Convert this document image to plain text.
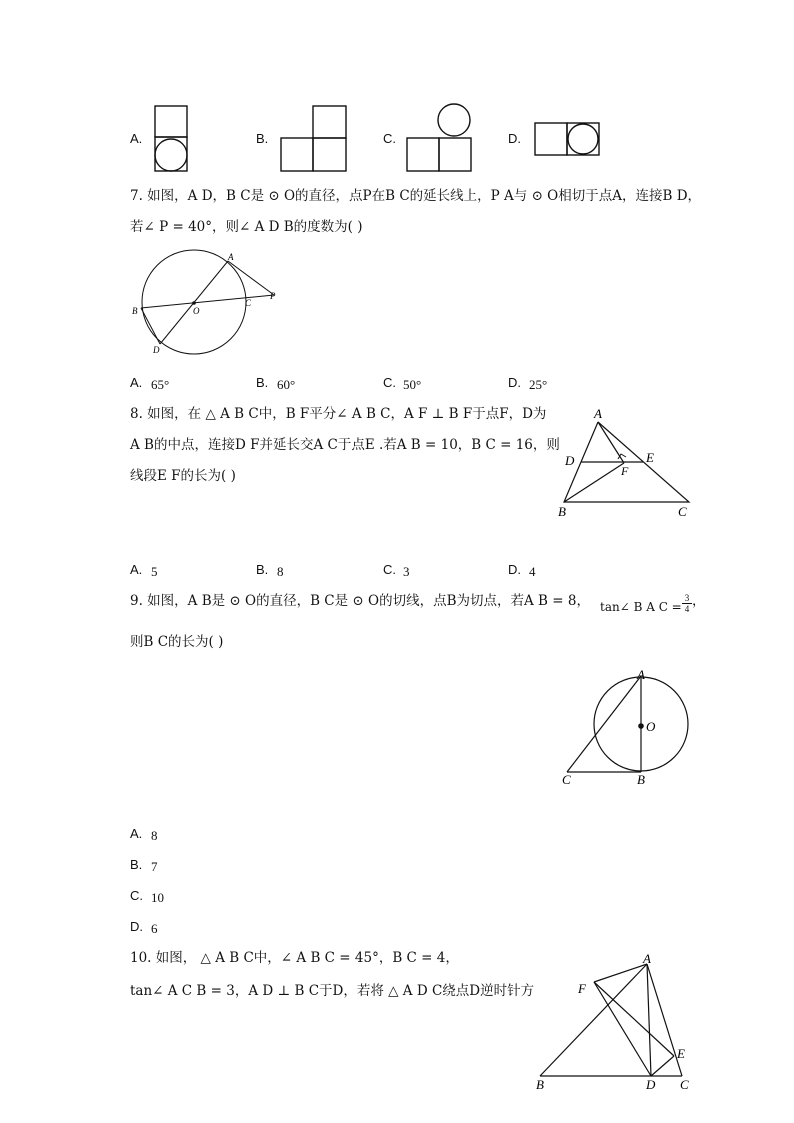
A.	B.	C.	D.
7. 如图，A D，B C是 ⊙ O的直径，点P在B C的延长线上，P A与 ⊙ O相切于点A，连接B D，
若∠ P = 40°，则∠ A D B的度数为( )
A
B
C
D
O
P
A. 65°	B. 60°	C. 50°	D. 25°
8. 如图，在 △ A B C中，B F平分∠ A B C，A F ⊥ B F于点F，D为
A B的中点，连接D F并延长交A C于点E .若A B = 10，B C = 16，则
线段E F的长为( )
A
B	C
D	E
F
A. 5	B. 8	C. 3	D. 4
9. 如图，A B是 ⊙ O的直径，B C是 ⊙ O的切线，点B为切点，若A B = 8， tan∠ B A $C = \frac{3}{4}$ ，
则B C的长为( )
A
B
C
O
A. 8
B. 7
C. 10
D. 6
10. 如图， △ A B C中，∠ A B C = 45°，B C = 4，
tan∠ A C B = 3，A D ⊥ B C于D，若将 △ A D C绕点D逆时针方
A
B	C
D
E
F
